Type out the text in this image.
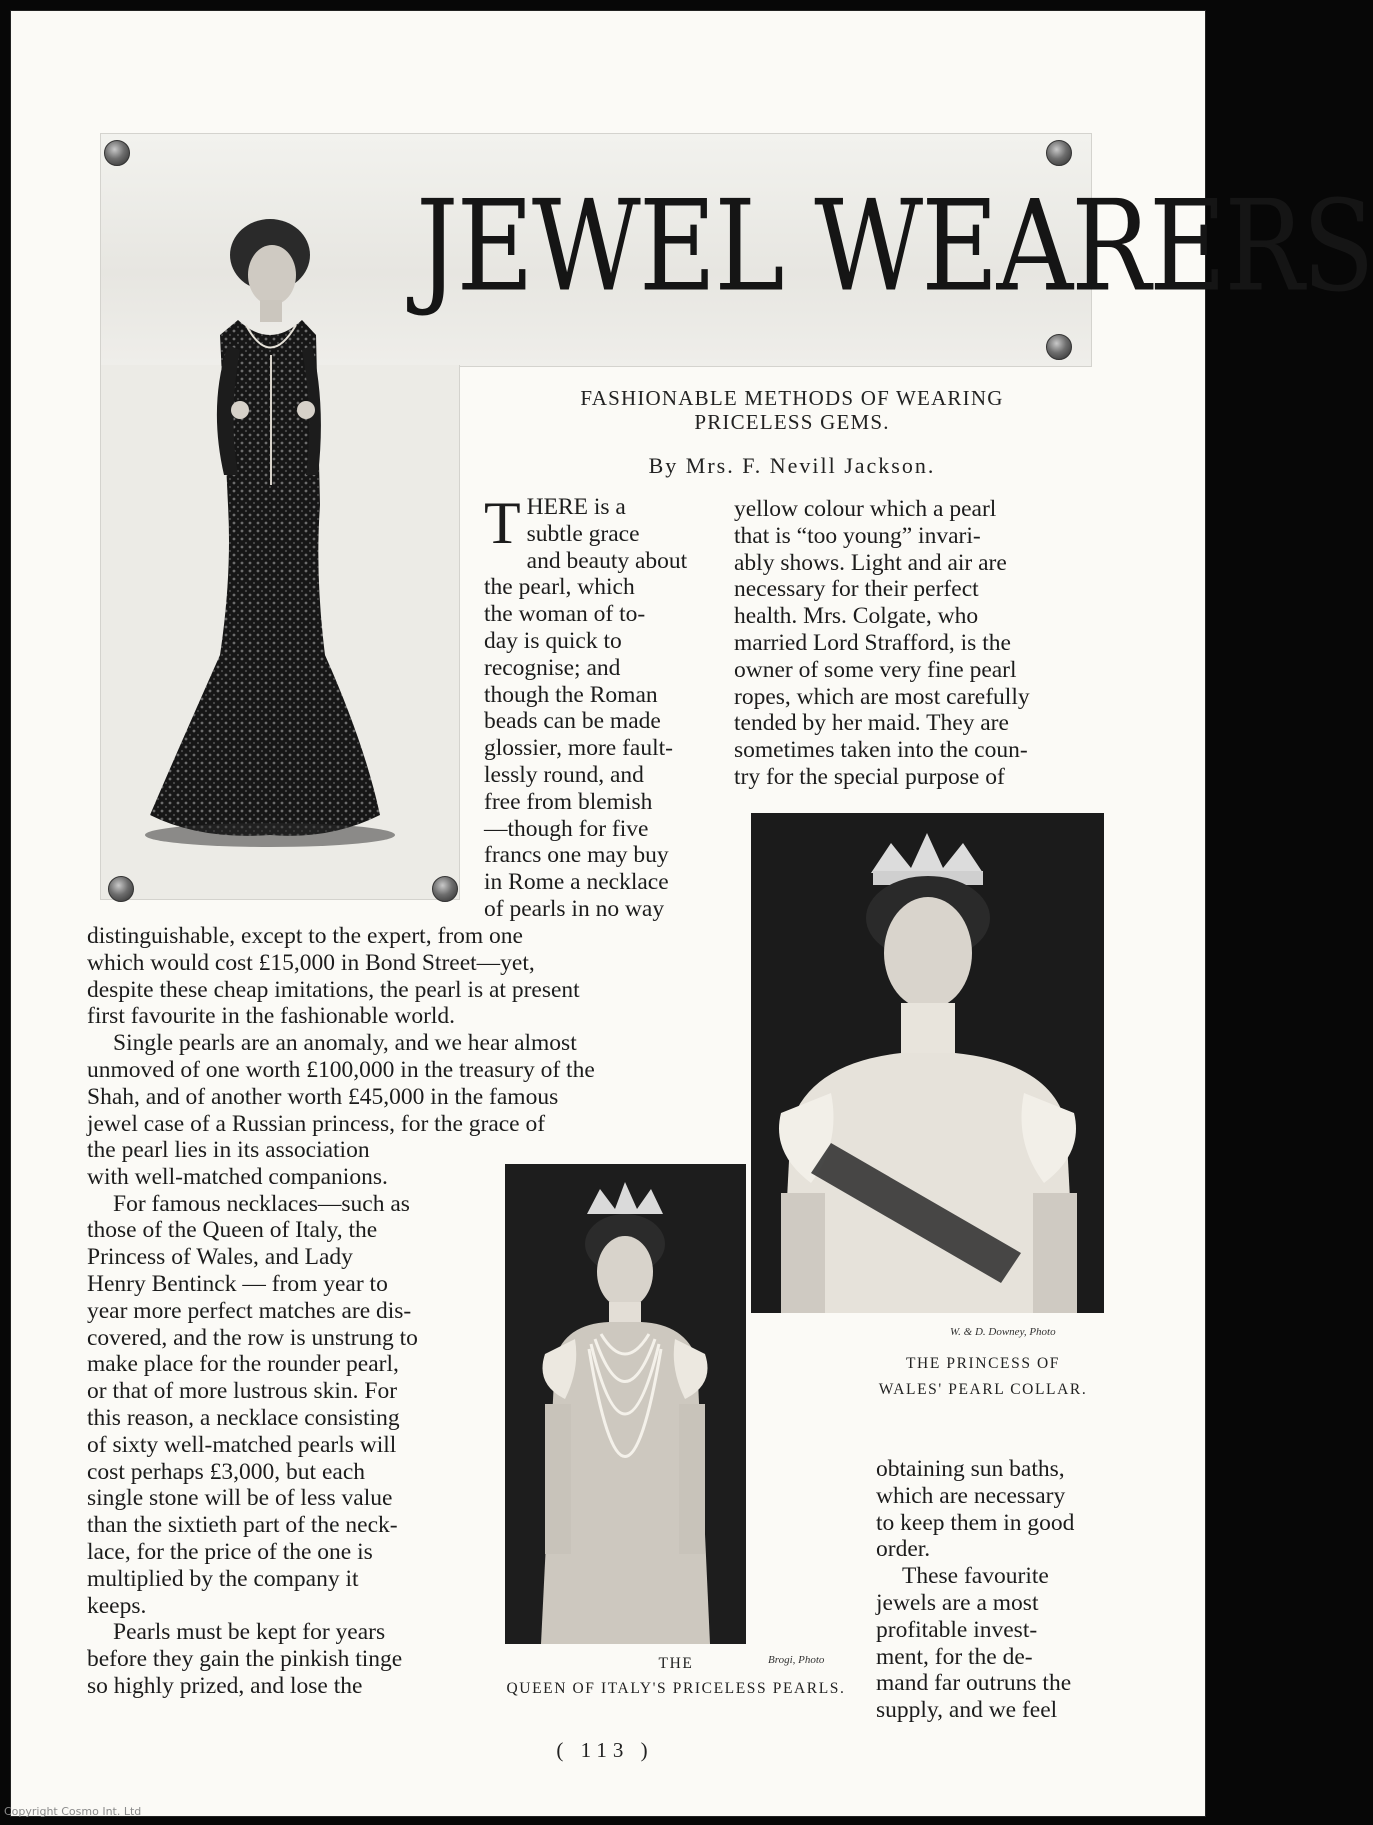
JEWEL WEARERS
FASHIONABLE METHODS OF WEARING
PRICELESS GEMS.
By Mrs. F. Nevill Jackson.
T HERE is a
subtle grace
and beauty about
the pearl, which
the woman of to-
day is quick to
recognise; and
though the Roman
beads can be made
glossier, more fault-
lessly round, and
free from blemish
—though for five
francs one may buy
in Rome a necklace
of pearls in no way
yellow colour which a pearl
that is “too young” invari-
ably shows. Light and air are
necessary for their perfect
health. Mrs. Colgate, who
married Lord Strafford, is the
owner of some very fine pearl
ropes, which are most carefully
tended by her maid. They are
sometimes taken into the coun-
try for the special purpose of
distinguishable, except to the expert, from one
which would cost £15,000 in Bond Street—yet,
despite these cheap imitations, the pearl is at present
first favourite in the fashionable world.
Single pearls are an anomaly, and we hear almost
unmoved of one worth £100,000 in the treasury of the
Shah, and of another worth £45,000 in the famous
jewel case of a Russian princess, for the grace of
W. & D. Downey, Photo
THE PRINCESS OF
WALES' PEARL COLLAR.
the pearl lies in its association
with well-matched companions.
For famous necklaces—such as
those of the Queen of Italy, the
Princess of Wales, and Lady
Henry Bentinck — from year to
year more perfect matches are dis-
covered, and the row is unstrung to
make place for the rounder pearl,
or that of more lustrous skin. For
this reason, a necklace consisting
of sixty well-matched pearls will
cost perhaps £3,000, but each
single stone will be of less value
than the sixtieth part of the neck-
lace, for the price of the one is
multiplied by the company it
keeps.
Pearls must be kept for years
before they gain the pinkish tinge
so highly prized, and lose the
Brogi, Photo
THE
QUEEN OF ITALY'S PRICELESS PEARLS.
obtaining sun baths,
which are necessary
to keep them in good
order.
These favourite
jewels are a most
profitable invest-
ment, for the de-
mand far outruns the
supply, and we feel
( 113 )
Copyright Cosmo Int. Ltd
